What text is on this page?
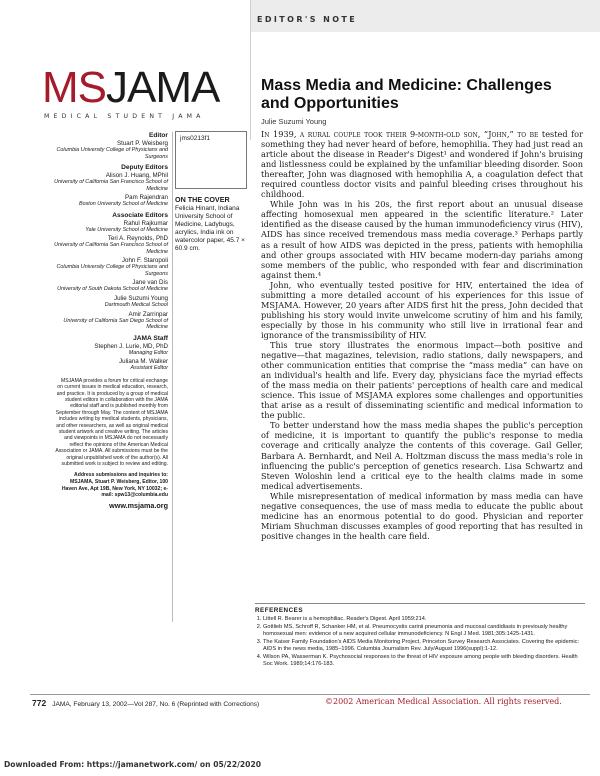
EDITOR'S NOTE
MSJAMA
MEDICAL STUDENT JAMA
Mass Media and Medicine: Challenges and Opportunities
Julie Suzumi Young
Editor
Stuart P. Weisberg
Columbia University College of Physicians and Surgeons
Deputy Editors
Alison J. Huang, MPhil
University of California San Francisco School of Medicine
Pam Rajendran
Boston University School of Medicine
Associate Editors
Rahul Rajkumar
Yale University School of Medicine
Teri A. Reynolds, PhD
University of California San Francisco School of Medicine
John F. Staropoli
Columbia University College of Physicians and Surgeons
Jane van Dis
University of South Dakota School of Medicine
Julie Suzumi Young
Dartmouth Medical School
Amir Zarrinpar
University of California San Diego School of Medicine
JAMA Staff
Stephen J. Lurie, MD, PhD
Managing Editor
Juliana M. Walker
Assistant Editor
MSJAMA provides a forum for critical exchange on current issues in medical education, research, and practice. It is produced by a group of medical student editors in collaboration with the JAMA editorial staff and is published monthly from September through May. The content of MSJAMA includes writing by medical students, physicians, and other researchers, as well as original medical student artwork and creative writing. The articles and viewpoints in MSJAMA do not necessarily reflect the opinions of the American Medical Association or JAMA. All submissions must be the original unpublished work of the author(s). All submitted work is subject to review and editing.
Address submissions and inquiries to: MSJAMA, Stuart P. Weisberg, Editor, 100 Haven Ave, Apt 19B, New York, NY 10032; e-mail: spw13@columbia.edu
www.msjama.org
jms0213f1
ON THE COVER
Felicia Hinant, Indiana University School of Medicine, Ladybugs, acrylics, India ink on watercolor paper, 45.7 × 60.9 cm.

In 1939, a rural couple took their 9-month-old son, “John,” to be tested for something they had never heard of before, hemophilia. They had just read an article about the disease in Reader's Digest¹ and wondered if John's bruising and listlessness could be explained by the unfamiliar bleeding disorder. Soon thereafter, John was diagnosed with hemophilia A, a coagulation defect that required countless doctor visits and painful bleeding crises throughout his childhood.

While John was in his 20s, the first report about an unusual disease affecting homosexual men appeared in the scientific literature.² Later identified as the disease caused by the human immunodeficiency virus (HIV), AIDS has since received tremendous mass media coverage.³ Perhaps partly as a result of how AIDS was depicted in the press, patients with hemophilia and other groups associated with HIV became modern-day pariahs among some members of the public, who responded with fear and discrimination against them.⁴

John, who eventually tested positive for HIV, entertained the idea of submitting a more detailed account of his experiences for this issue of MSJAMA. However, 20 years after AIDS first hit the press, John decided that publishing his story would invite unwelcome scrutiny of him and his family, especially by those in his community who still live in irrational fear and ignorance of the transmissibility of HIV.

This true story illustrates the enormous impact—both positive and negative—that magazines, television, radio stations, daily newspapers, and other communication entities that comprise the “mass media” can have on an individual's health and life. Every day, physicians face the myriad effects of the mass media on their patients' perceptions of health care and medical science. This issue of MSJAMA explores some challenges and opportunities that arise as a result of disseminating scientific and medical information to the public.

To better understand how the mass media shapes the public's perception of medicine, it is important to quantify the public's response to media coverage and critically analyze the contents of this coverage. Gail Geller, Barbara A. Bernhardt, and Neil A. Holtzman discuss the mass media's role in influencing the public's perception of genetics research. Lisa Schwartz and Steven Woloshin lend a critical eye to the health claims made in some medical advertisements.

While misrepresentation of medical information by mass media can have negative consequences, the use of mass media to educate the public about medicine has an enormous potential to do good. Physician and reporter Miriam Shuchman discusses examples of good reporting that has resulted in positive changes in the health care field.

REFERENCES
1. Littell R. Bearer is a hemophiliac. Reader's Digest. April 1959:214.
2. Gottlieb MS, Schroff R, Schanker HM, et al. Pneumocystis carinii pneumonia and mucosal candidiasis in previously healthy homosexual men: evidence of a new acquired cellular immunodeficiency. N Engl J Med. 1981;305:1425-1431.
3. The Kaiser Family Foundation's AIDS Media Monitoring Project, Princeton Survey Research Associates. Covering the epidemic: AIDS in the news media, 1985–1996. Columbia Journalism Rev. July/August 1996(suppl):1-12.
4. Wilson PA, Wasserman K. Psychosocial responses to the threat of HIV exposure among people with bleeding disorders. Health Soc Work. 1989;14:176-183.
772 JAMA, February 13, 2002—Vol 287, No. 6 (Reprinted with Corrections)	©2002 American Medical Association. All rights reserved.
Downloaded From: https://jamanetwork.com/ on 05/22/2020
